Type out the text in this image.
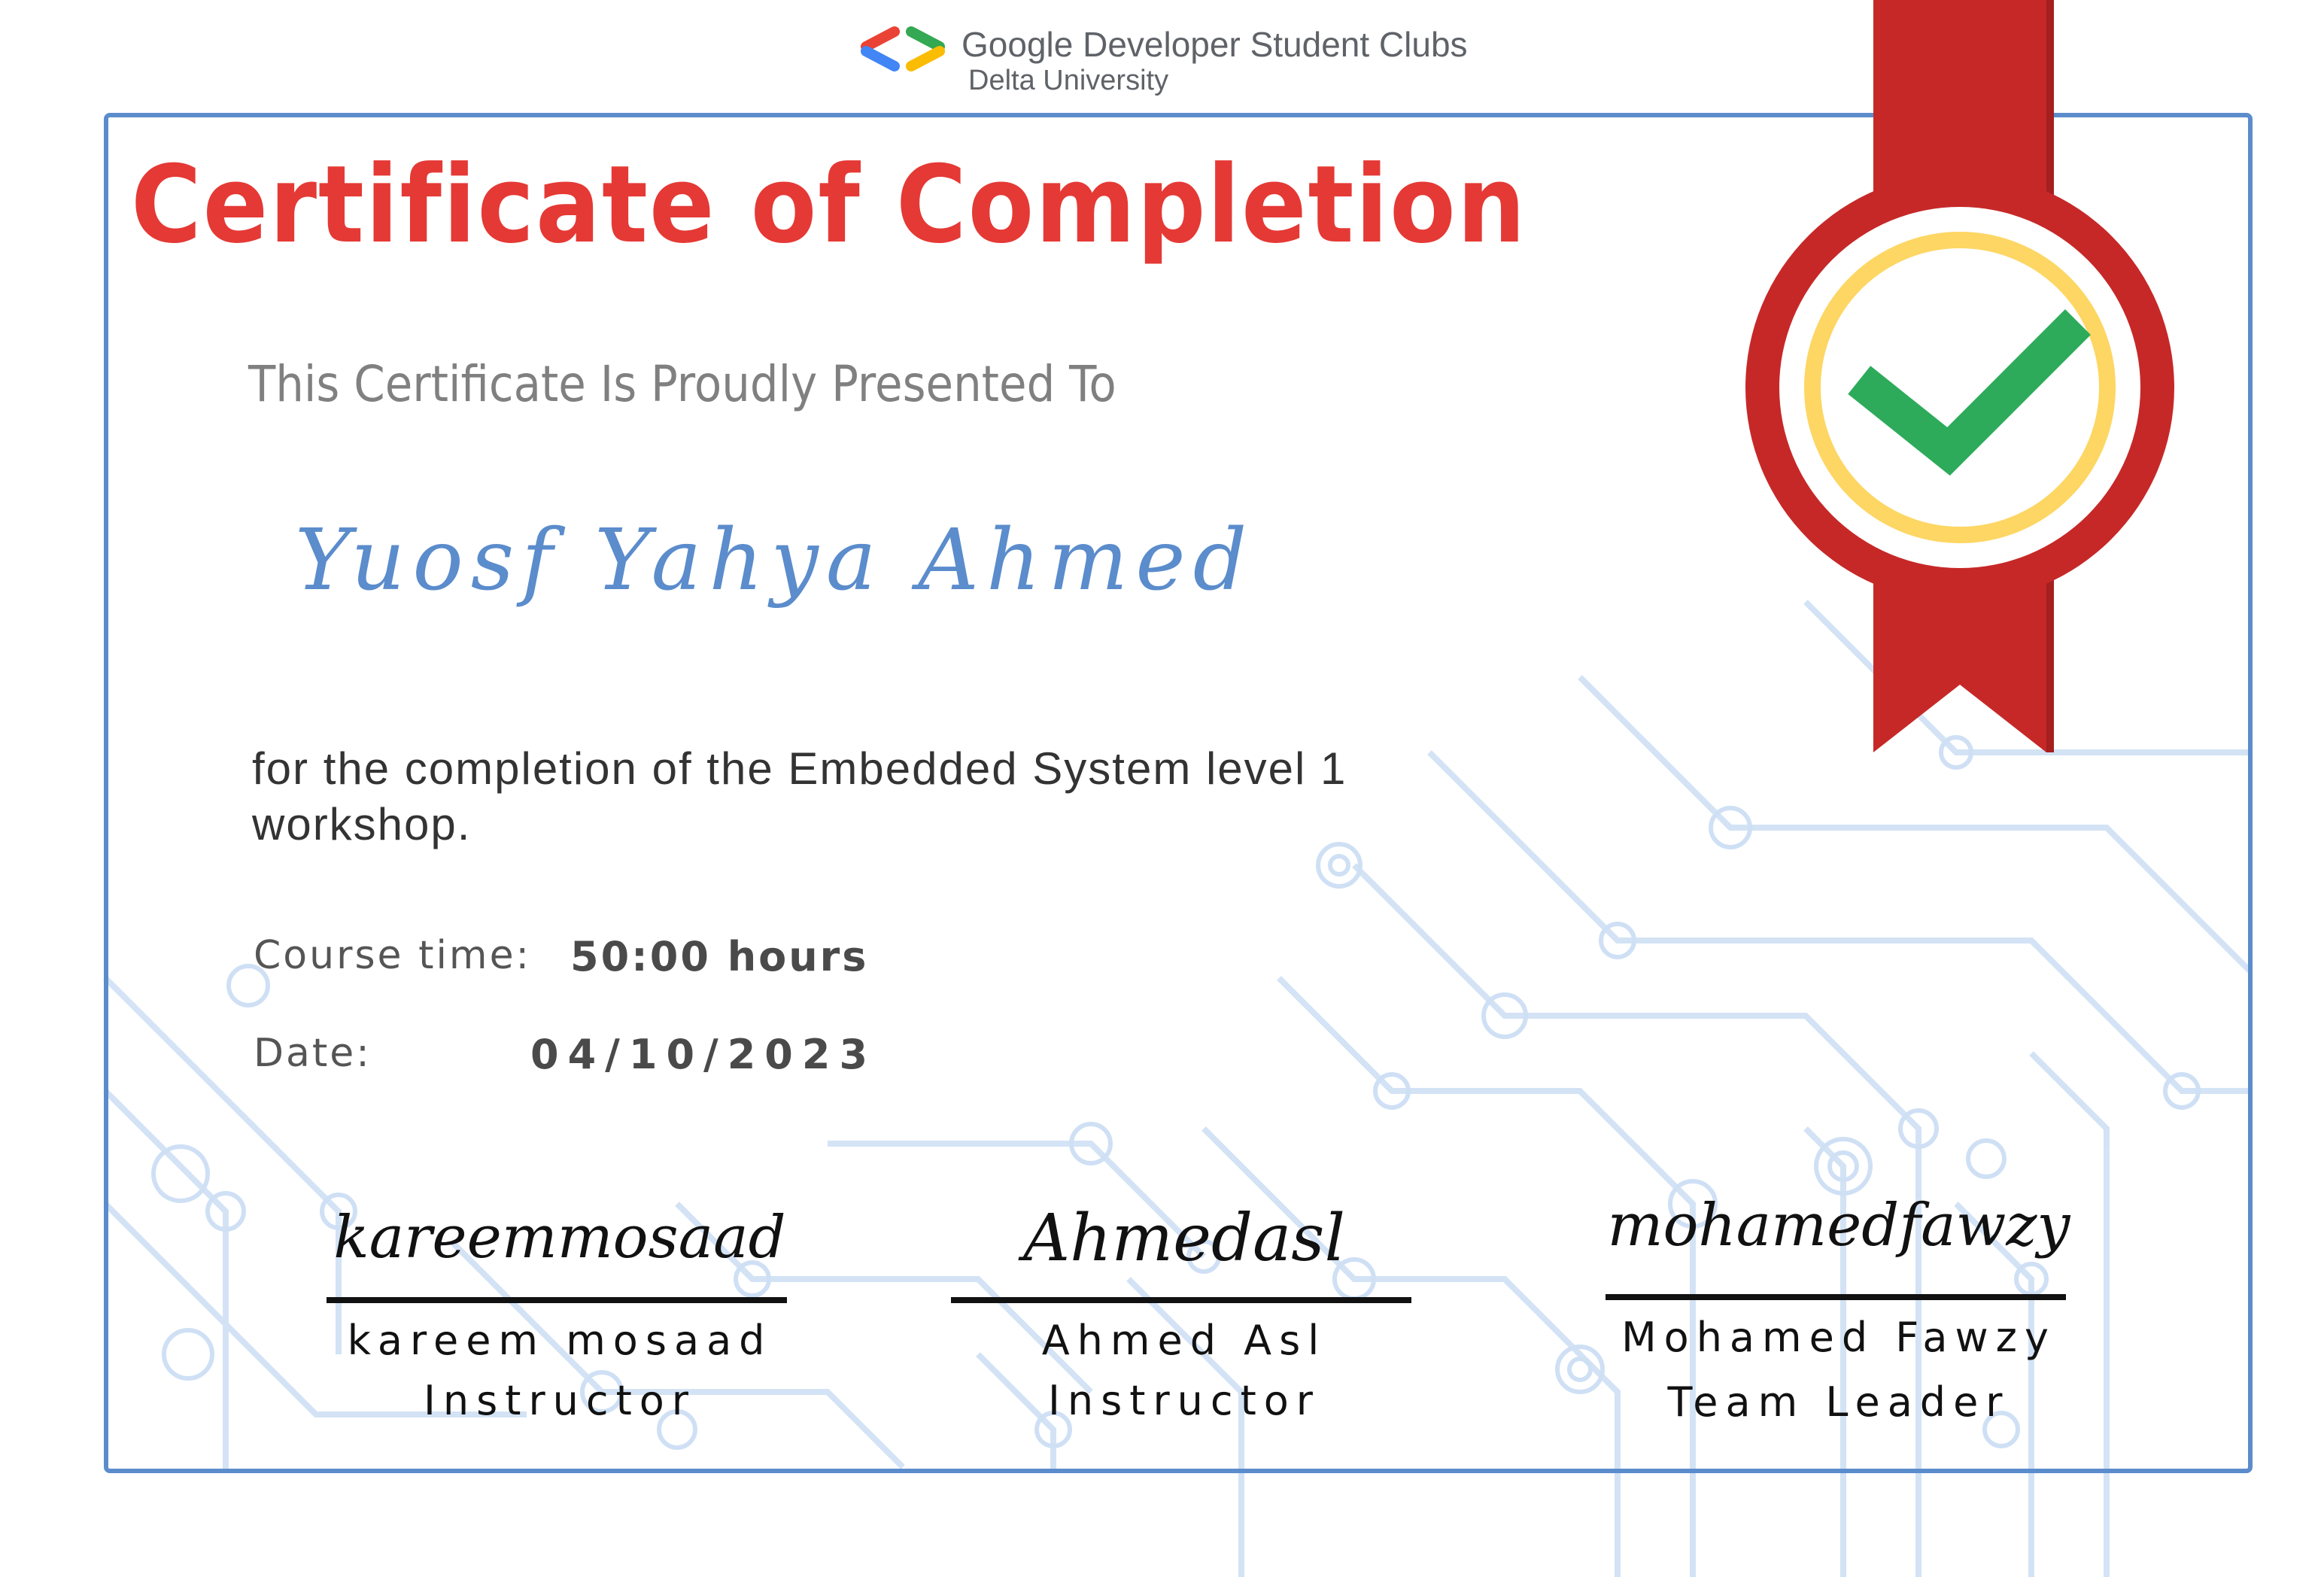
Google Developer Student Clubs
Delta University
Certificate of Completion
This Certificate Is Proudly Presented To
Yuosf Yahya Ahmed
for the completion of the Embedded System level 1 workshop.
Course time: 50:00 hours
Date:	04/10/2023
kareemmosaad
kareem mosaad
Instructor
Ahmedasl
Ahmed Asl
Instructor
mohamedfawzy
Mohamed Fawzy
Team Leader
